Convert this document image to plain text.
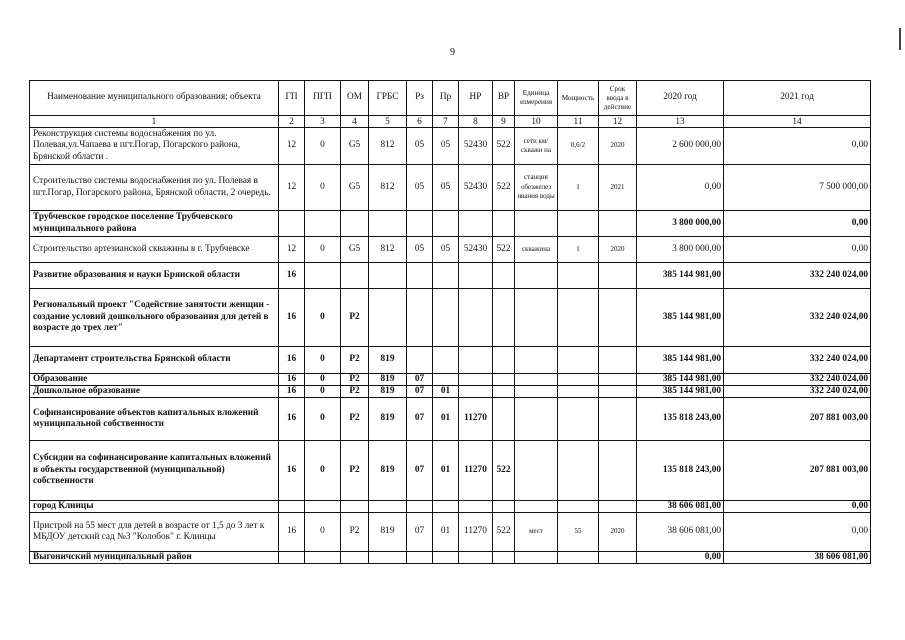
9
Наименование муниципального образования; объекта	ГП	ПГП	ОМ	ГРБС	Рз	Пр	НР	ВР	Единица измерения	Мощность	Срок ввода в действие	2020 год	2021 год
1	2	3	4	5	6	7	8	9	10	11	12	13	14
Реконструкция системы водоснабжения по ул. Полевая,ул.Чапаева в пгт.Погар, Погарского района, Брянской области .	12	0	G5	812	05	05	52430	522	сети км/скважи на	0,6/2	2020	2 600 000,00	0,00
Строительство системы водоснабжения по ул. Полевая в пгт.Погар, Погарского района, Брянской области, 2 очередь.	12	0	G5	812	05	05	52430	522	станция обезжелез ивания воды	1	2021	0,00	7 500 000,00
Трубчевское городское поселение Трубчевского муниципального района												3 800 000,00	0,00
Строительство артезианской скважины в г. Трубчевске	12	0	G5	812	05	05	52430	522	скважина	1	2020	3 800 000,00	0,00
Развитие образования и науки Брянской области	16											385 144 981,00	332 240 024,00
Региональный проект "Содействие занятости женщин - создание условий дошкольного образования для детей в возрасте до трех лет"	16	0	P2									385 144 981,00	332 240 024,00
Департамент строительства Брянской области	16	0	P2	819								385 144 981,00	332 240 024,00
Образование	16	0	P2	819	07							385 144 981,00	332 240 024,00
Дошкольное образование	16	0	P2	819	07	01						385 144 981,00	332 240 024,00
Софинансирование объектов капитальных вложений муниципальной собственности	16	0	P2	819	07	01	11270					135 818 243,00	207 881 003,00
Субсидии на софинансирование капитальных вложений в объекты государственной (муниципальной) собственности	16	0	P2	819	07	01	11270	522				135 818 243,00	207 881 003,00
город Клинцы												38 606 081,00	0,00
Пристрой на 55 мест для детей в возрасте от 1,5 до 3 лет к МБДОУ детский сад №3 "Колобок" г. Клинцы	16	0	P2	819	07	01	11270	522	мест	55	2020	38 606 081,00	0,00
Выгоничский муниципальный район												0,00	38 606 081,00
